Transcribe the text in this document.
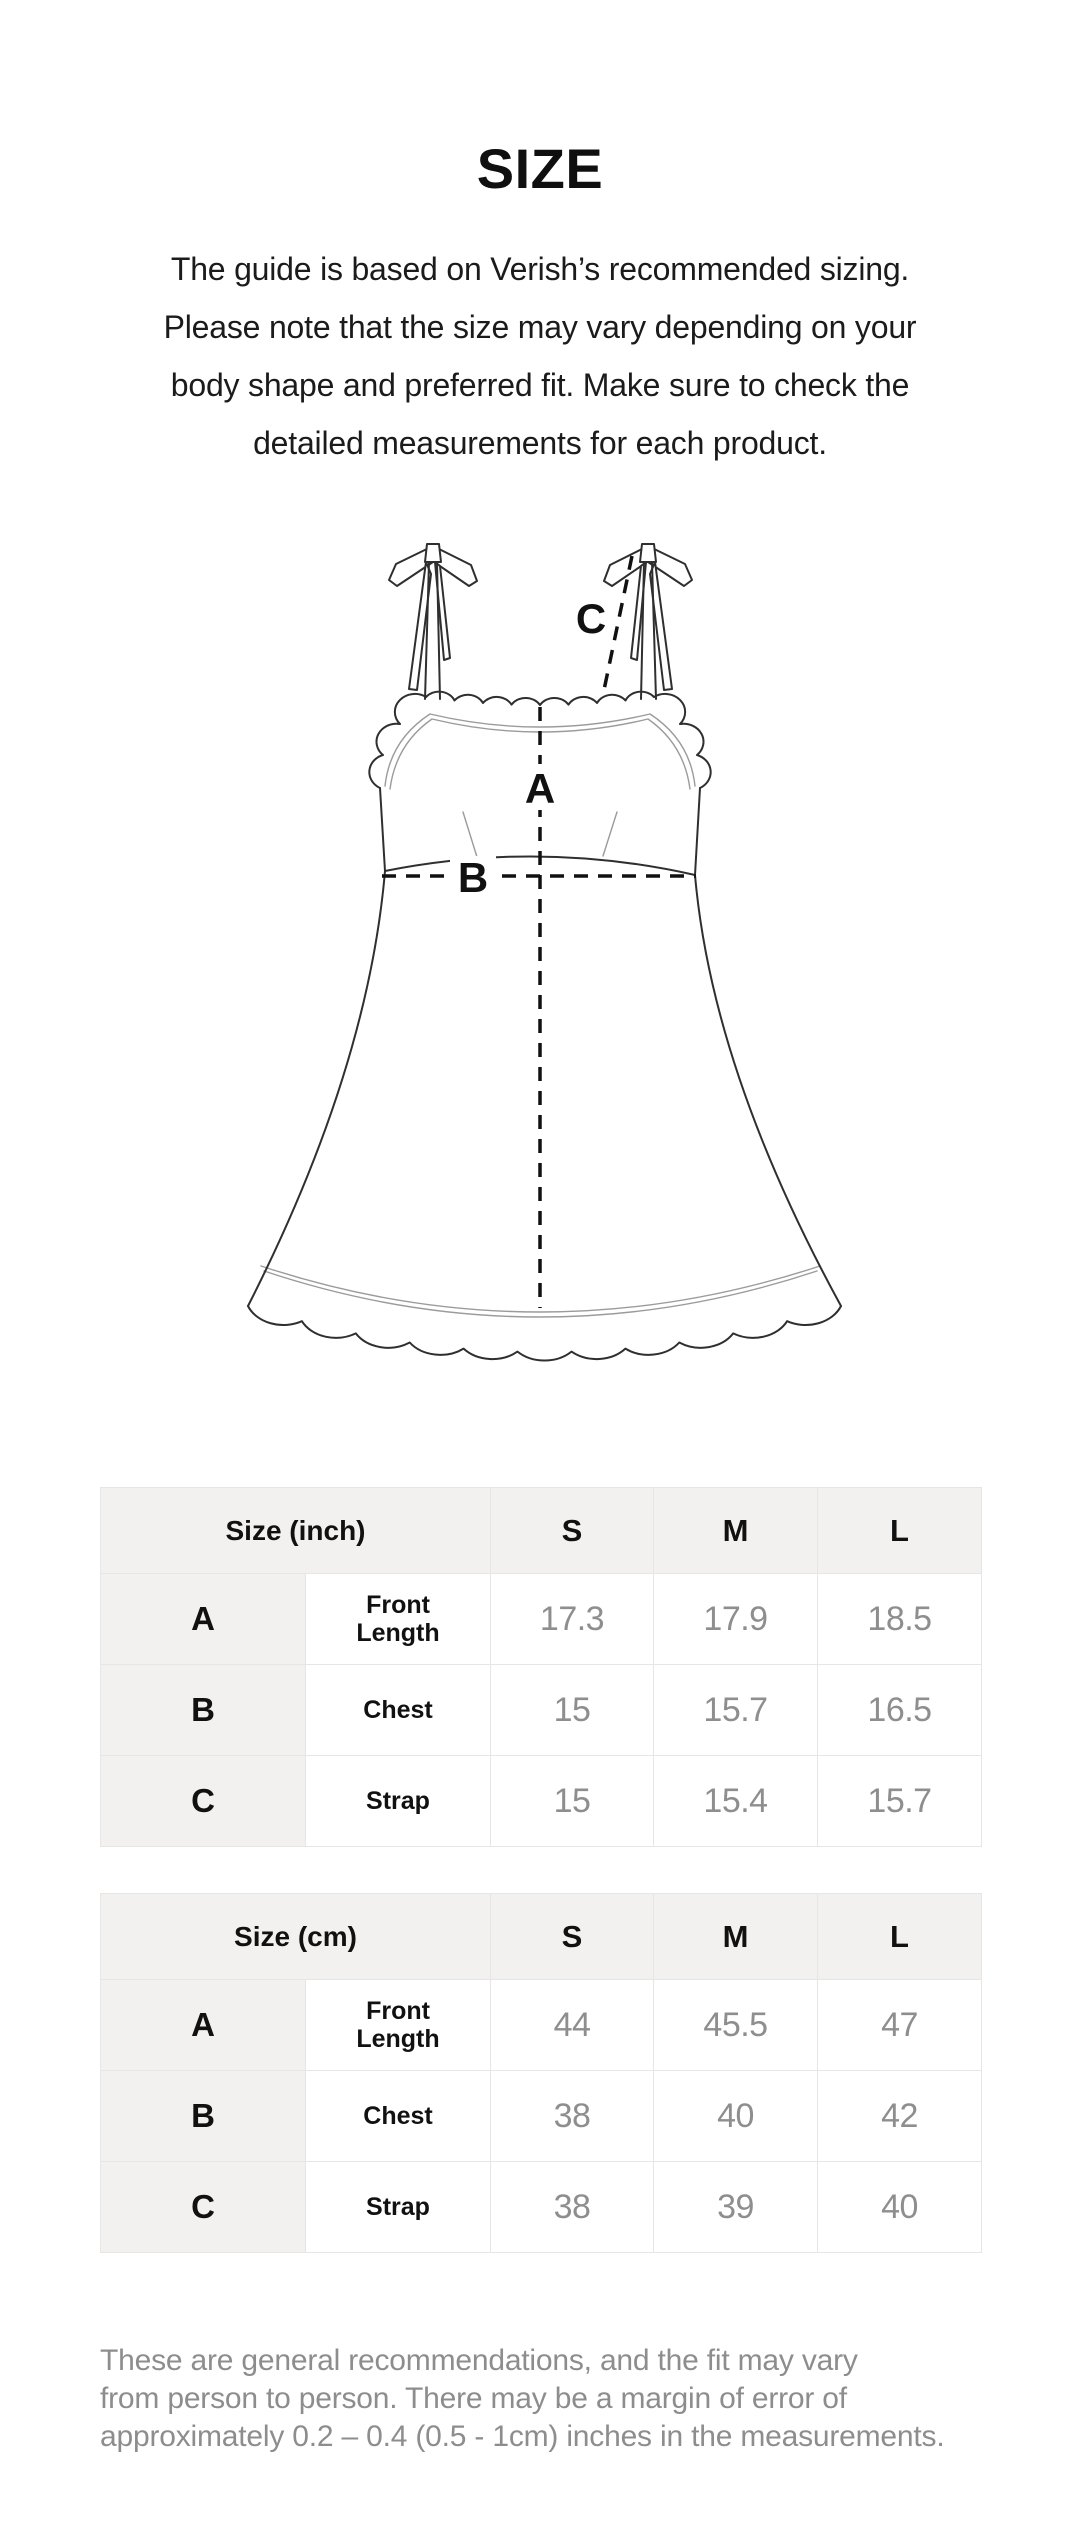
SIZE

The guide is based on Verish’s recommended sizing.
Please note that the size may vary depending on your
body shape and preferred fit. Make sure to check the
detailed measurements for each product.

A
B
C
Size (inch)	S	M	L
A	Front Length	17.3	17.9	18.5
B	Chest	15	15.7	16.5
C	Strap	15	15.4	15.7
Size (cm)	S	M	L
A	Front Length	44	45.5	47
B	Chest	38	40	42
C	Strap	38	39	40

These are general recommendations, and the fit may vary
from person to person. There may be a margin of error of
approximately 0.2 – 0.4 (0.5 - 1cm) inches in the measurements.
